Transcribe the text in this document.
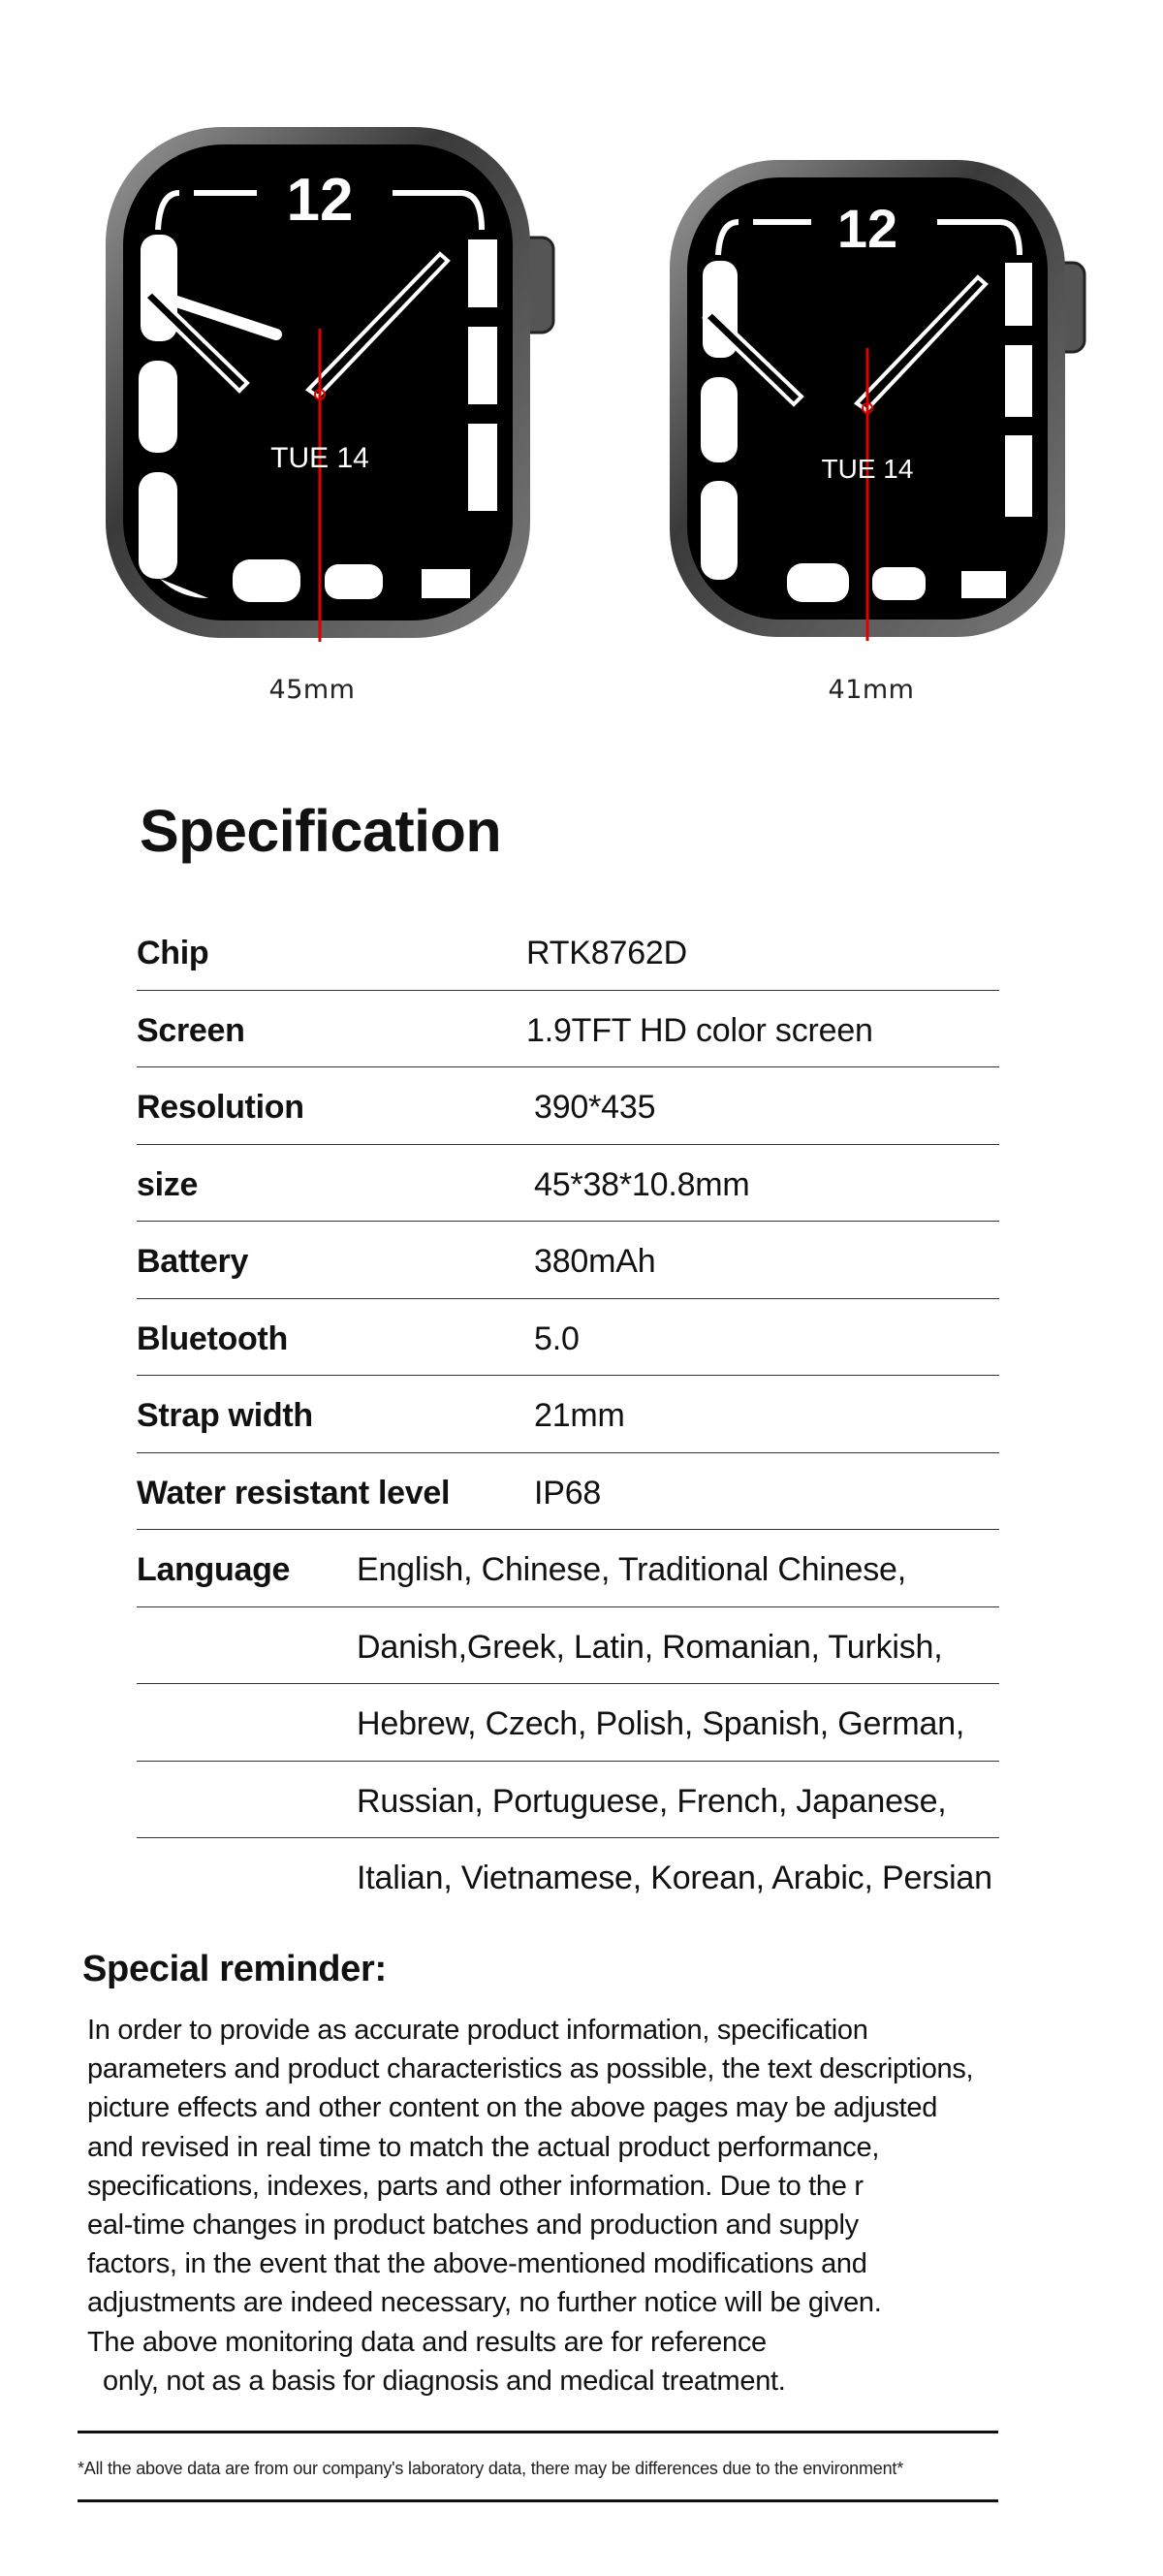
12
TUE 14
45mm
12
TUE 14
41mm
Specification
Chip	RTK8762D
Screen	1.9TFT HD color screen
Resolution	390*435
size	45*38*10.8mm
Battery	380mAh
Bluetooth	5.0
Strap width	21mm
Water resistant level	IP68
Language English, Chinese, Traditional Chinese,
Danish,Greek, Latin, Romanian, Turkish,
Hebrew, Czech, Polish, Spanish, German,
Russian, Portuguese, French, Japanese,
Italian, Vietnamese, Korean, Arabic, Persian
Special reminder:
In order to provide as accurate product information, specification
parameters and product characteristics as possible, the text descriptions,
picture effects and other content on the above pages may be adjusted
and revised in real time to match the actual product performance,
specifications, indexes, parts and other information. Due to the r
eal-time changes in product batches and production and supply
factors, in the event that the above-mentioned modifications and
adjustments are indeed necessary, no further notice will be given.
The above monitoring data and results are for reference
only, not as a basis for diagnosis and medical treatment.
*All the above data are from our company's laboratory data, there may be differences due to the environment*
